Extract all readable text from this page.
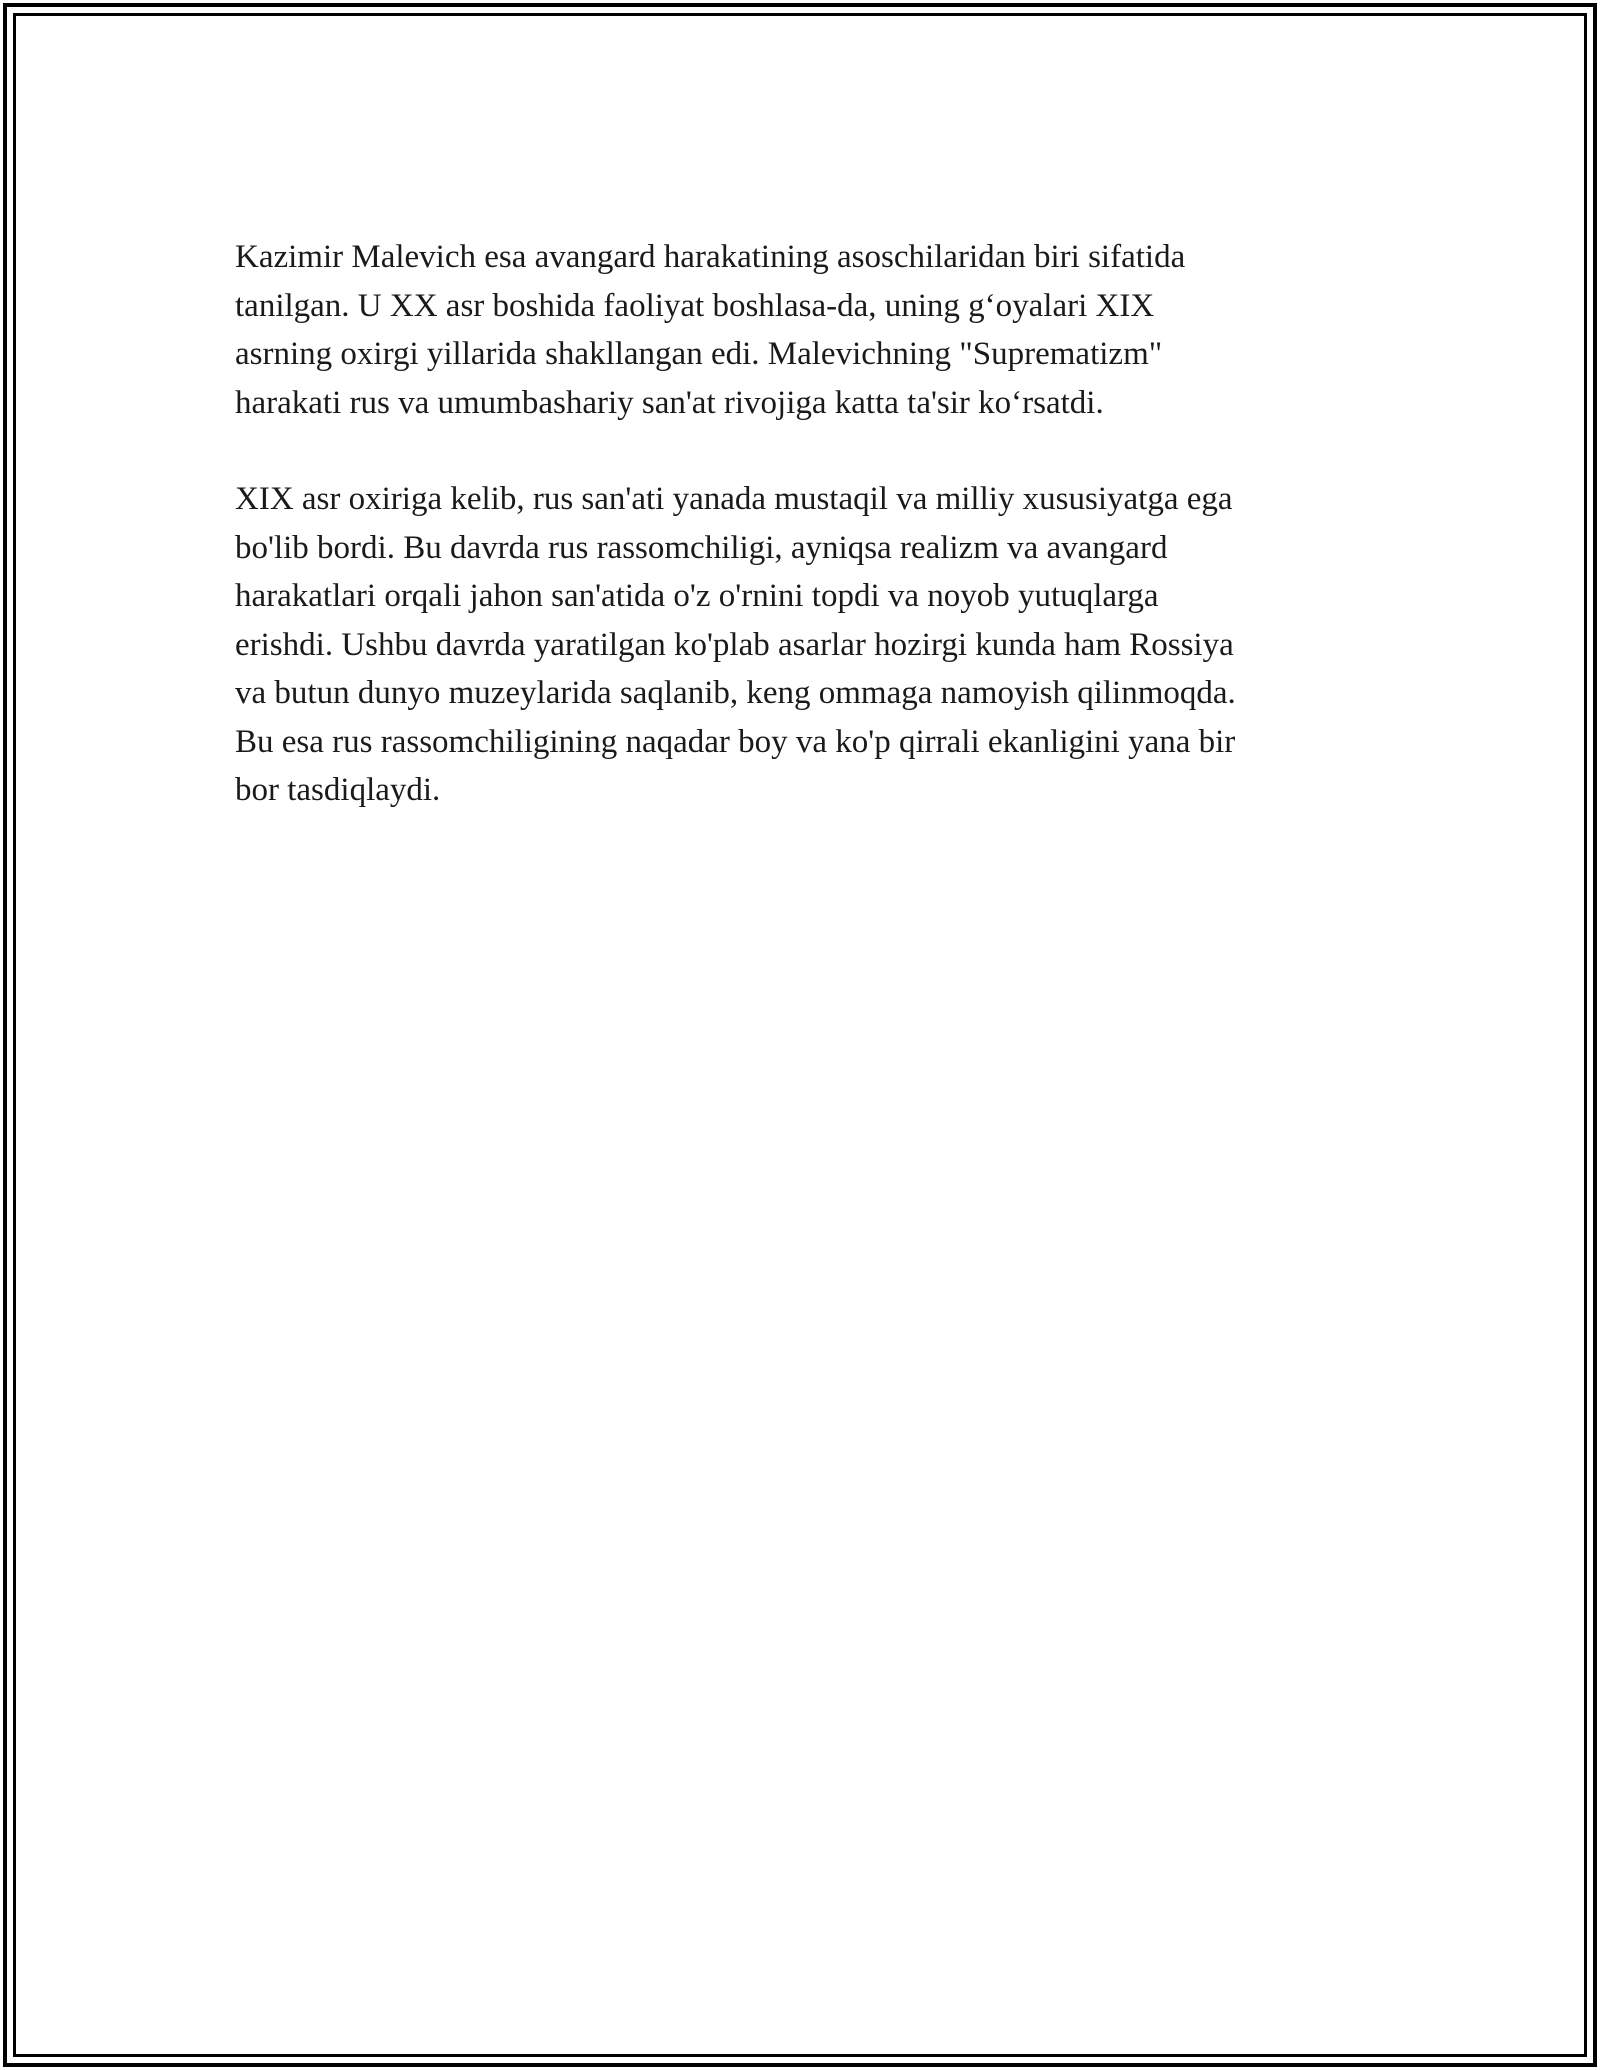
Kazimir Malevich esa avangard harakatining asoschilaridan biri sifatida
tanilgan. U XX asr boshida faoliyat boshlasa-da, uning g‘oyalari XIX
asrning oxirgi yillarida shakllangan edi. Malevichning "Suprematizm"
harakati rus va umumbashariy san'at rivojiga katta ta'sir ko‘rsatdi.

XIX asr oxiriga kelib, rus san'ati yanada mustaqil va milliy xususiyatga ega
bo'lib bordi. Bu davrda rus rassomchiligi, ayniqsa realizm va avangard
harakatlari orqali jahon san'atida o'z o'rnini topdi va noyob yutuqlarga
erishdi. Ushbu davrda yaratilgan ko'plab asarlar hozirgi kunda ham Rossiya
va butun dunyo muzeylarida saqlanib, keng ommaga namoyish qilinmoqda.
Bu esa rus rassomchiligining naqadar boy va ko'p qirrali ekanligini yana bir
bor tasdiqlaydi.
